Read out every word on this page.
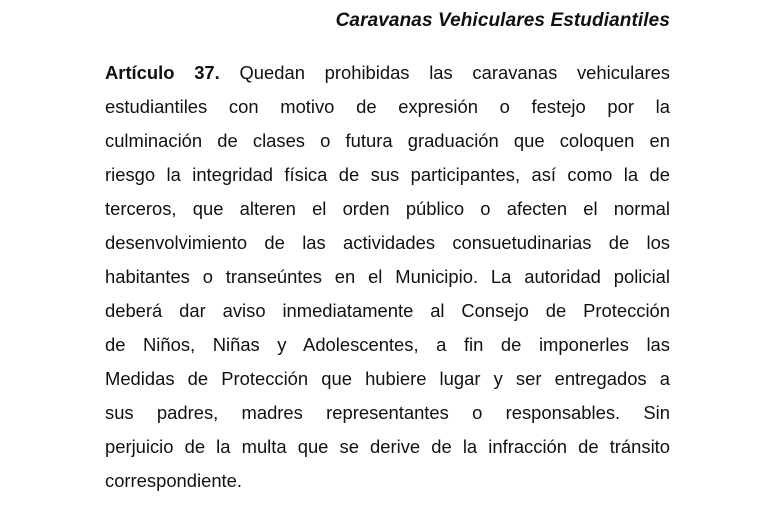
Caravanas Vehiculares Estudiantiles
Artículo 37. Quedan prohibidas las caravanas vehiculares
estudiantiles con motivo de expresión o festejo por la
culminación de clases o futura graduación que coloquen en
riesgo la integridad física de sus participantes, así como la de
terceros, que alteren el orden público o afecten el normal
desenvolvimiento de las actividades consuetudinarias de los
habitantes o transeúntes en el Municipio. La autoridad policial
deberá dar aviso inmediatamente al Consejo de Protección
de Niños, Niñas y Adolescentes, a fin de imponerles las
Medidas de Protección que hubiere lugar y ser entregados a
sus padres, madres representantes o responsables. Sin
perjuicio de la multa que se derive de la infracción de tránsito
correspondiente.
